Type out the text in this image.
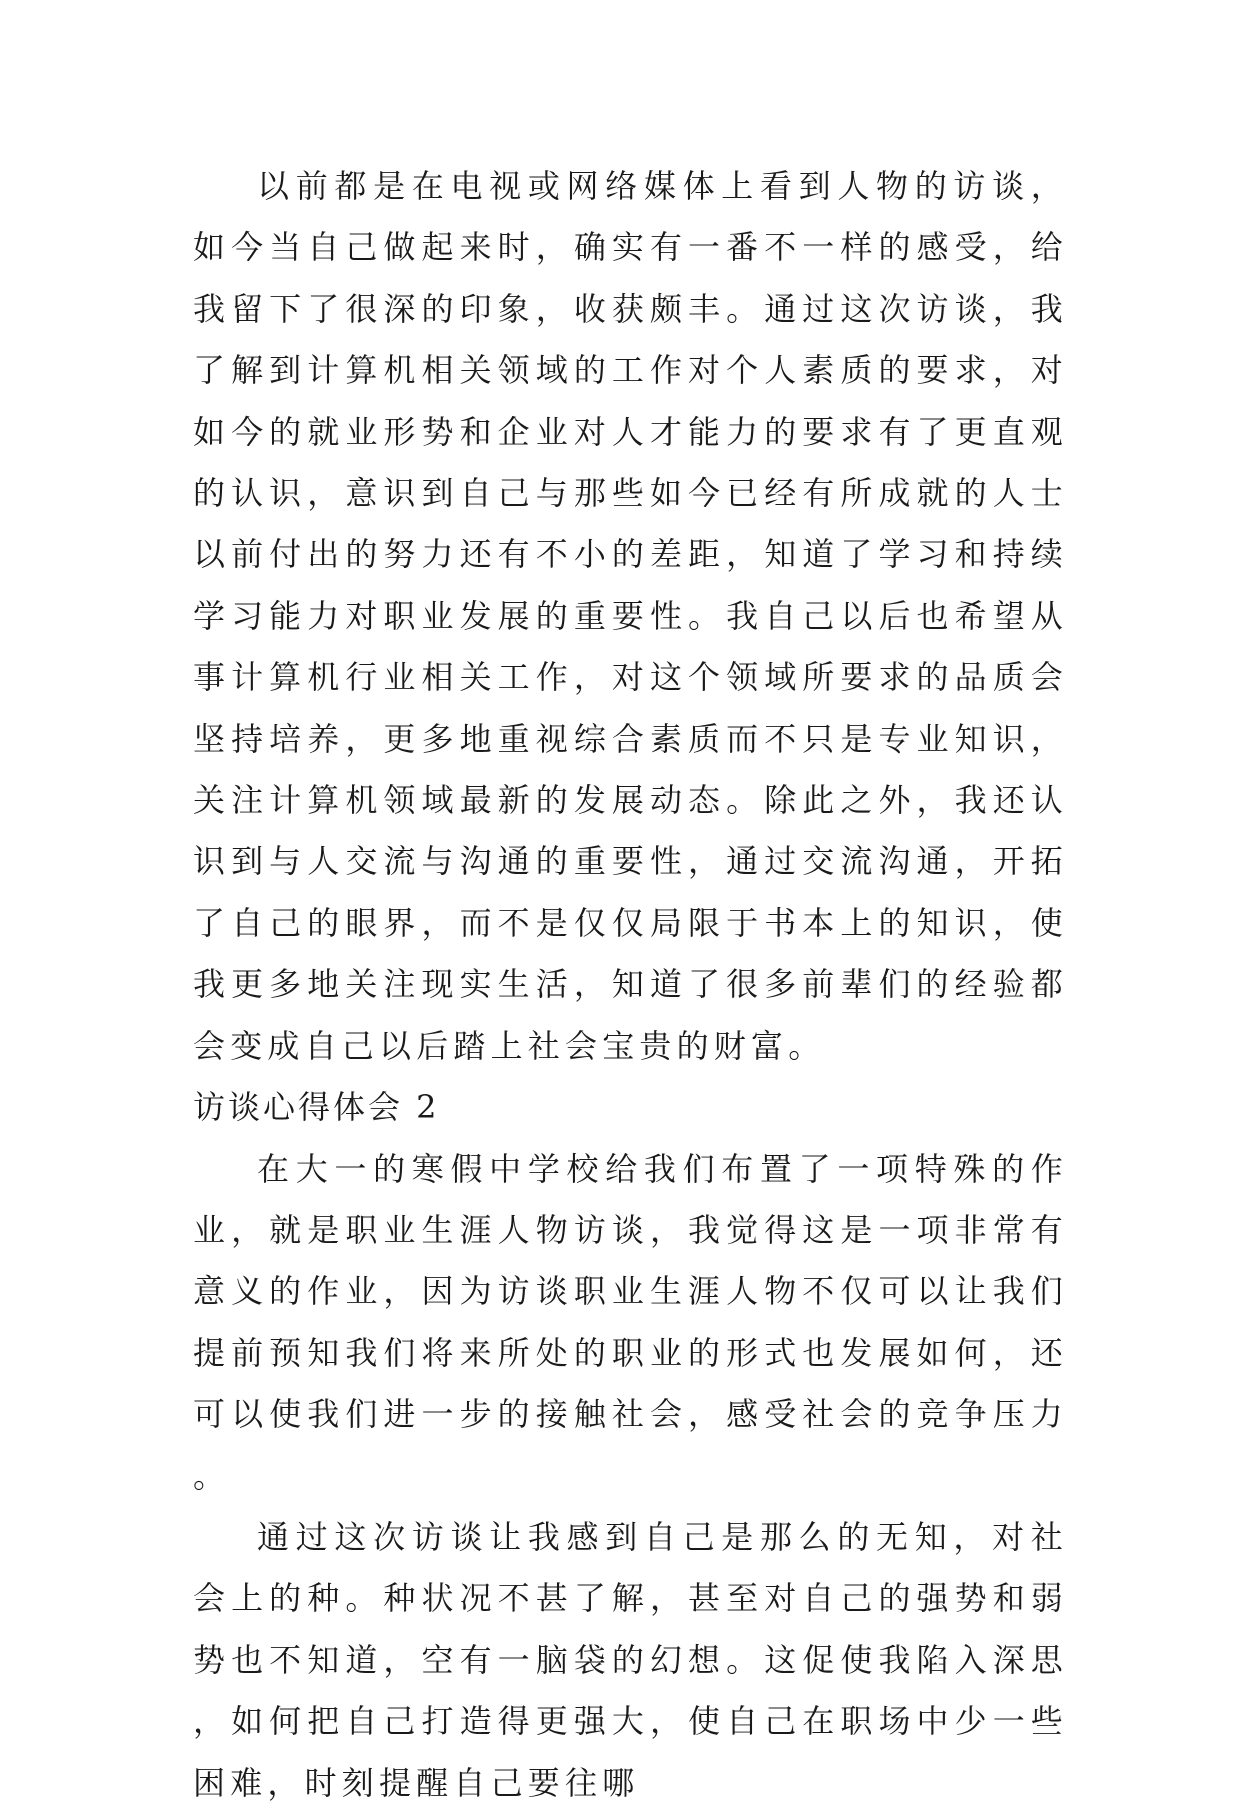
以前都是在电视或网络媒体上看到人物的访谈，如今当自己做起来时，确实有一番不一样的感受，给我留下了很深的印象，收获颇丰。通过这次访谈，我了解到计算机相关领域的工作对个人素质的要求，对如今的就业形势和企业对人才能力的要求有了更直观的认识，意识到自己与那些如今已经有所成就的人士以前付出的努力还有不小的差距，知道了学习和持续学习能力对职业发展的重要性。我自己以后也希望从事计算机行业相关工作，对这个领域所要求的品质会坚持培养，更多地重视综合素质而不只是专业知识，关注计算机领域最新的发展动态。除此之外，我还认识到与人交流与沟通的重要性，通过交流沟通，开拓了自己的眼界，而不是仅仅局限于书本上的知识，使我更多地关注现实生活，知道了很多前辈们的经验都会变成自己以后踏上社会宝贵的财富。

访谈心得体会 2

在大一的寒假中学校给我们布置了一项特殊的作业，就是职业生涯人物访谈，我觉得这是一项非常有意义的作业，因为访谈职业生涯人物不仅可以让我们提前预知我们将来所处的职业的形式也发展如何，还可以使我们进一步的接触社会，感受社会的竞争压力。

通过这次访谈让我感到自己是那么的无知，对社会上的种。种状况不甚了解，甚至对自己的强势和弱势也不知道，空有一脑袋的幻想。这促使我陷入深思，如何把自己打造得更强大，使自己在职场中少一些困难，时刻提醒自己要往哪
